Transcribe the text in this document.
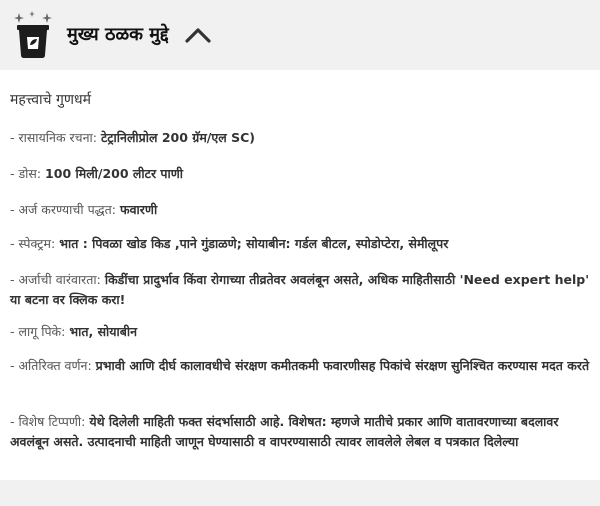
मुख्य ठळक मुद्दे
महत्त्वाचे गुणधर्म
- रासायनिक रचना: टेट्रानिलीप्रोल 200 ग्रॅम/एल SC)
- डोस: 100 मिली/200 लीटर पाणी
- अर्ज करण्याची पद्धत: फवारणी
- स्पेक्ट्रम: भात : पिवळा खोड किड ,पाने गुंडाळणे; सोयाबीन: गर्डल बीटल, स्पोडोप्टेरा, सेमीलूपर
- अर्जाची वारंवारता: किडींचा प्रादुर्भाव किंवा रोगाच्या तीव्रतेवर अवलंबून असते, अधिक माहितीसाठी 'Need expert help' या बटना वर क्लिक करा!
- लागू पिके: भात, सोयाबीन
- अतिरिक्त वर्णन: प्रभावी आणि दीर्घ कालावधीचे संरक्षण कमीतकमी फवारणीसह पिकांचे संरक्षण सुनिश्चित करण्यास मदत करते
- विशेष टिप्पणी: येथे दिलेली माहिती फक्त संदर्भासाठी आहे. विशेषत: म्हणजे मातीचे प्रकार आणि वातावरणाच्या बदलावर अवलंबून असते. उत्पादनाची माहिती जाणून घेण्यासाठी व वापरण्यासाठी त्यावर लावलेले लेबल व पत्रकात दिलेल्या
